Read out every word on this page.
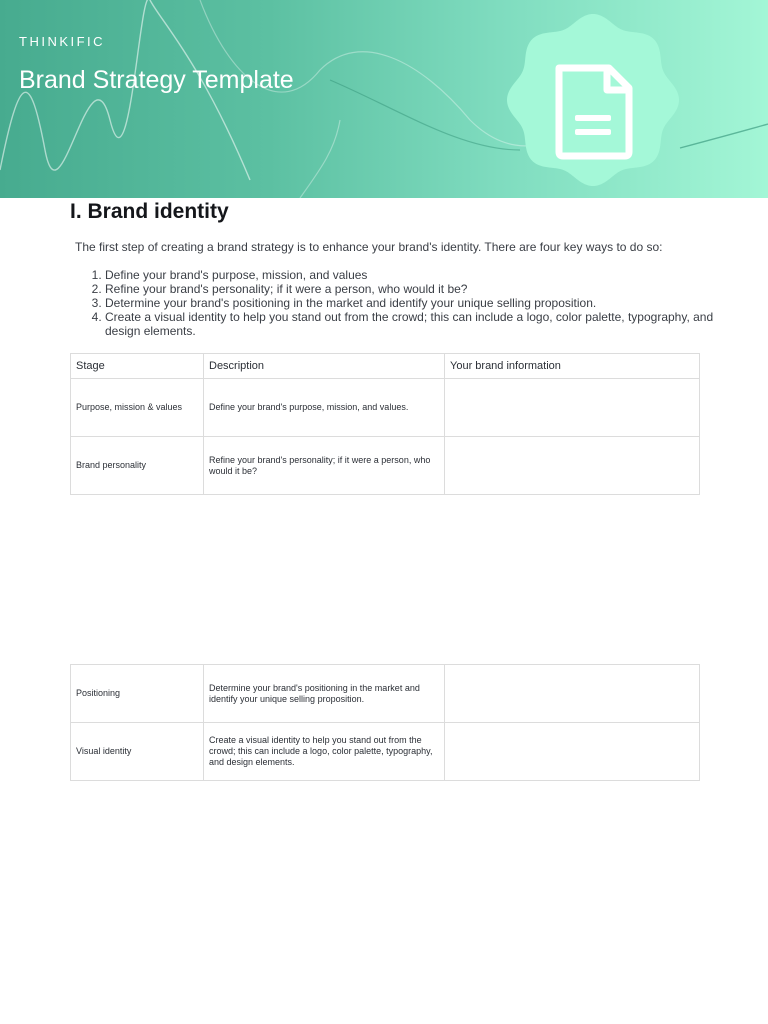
THINKIFIC
Brand Strategy Template
I. Brand identity

The first step of creating a brand strategy is to enhance your brand's identity. There are four key ways to do so:

1. Define your brand's purpose, mission, and values
2. Refine your brand's personality; if it were a person, who would it be?
3. Determine your brand's positioning in the market and identify your unique selling proposition.
4. Create a visual identity to help you stand out from the crowd; this can include a logo, color palette, typography, and design elements.
Stage	Description	Your brand information
Purpose, mission & values	Define your brand's purpose, mission, and values.	
Brand personality	Refine your brand's personality; if it were a person, who would it be?	
Positioning	Determine your brand's positioning in the market and identify your unique selling proposition.	
Visual identity	Create a visual identity to help you stand out from the crowd; this can include a logo, color palette, typography, and design elements.	
